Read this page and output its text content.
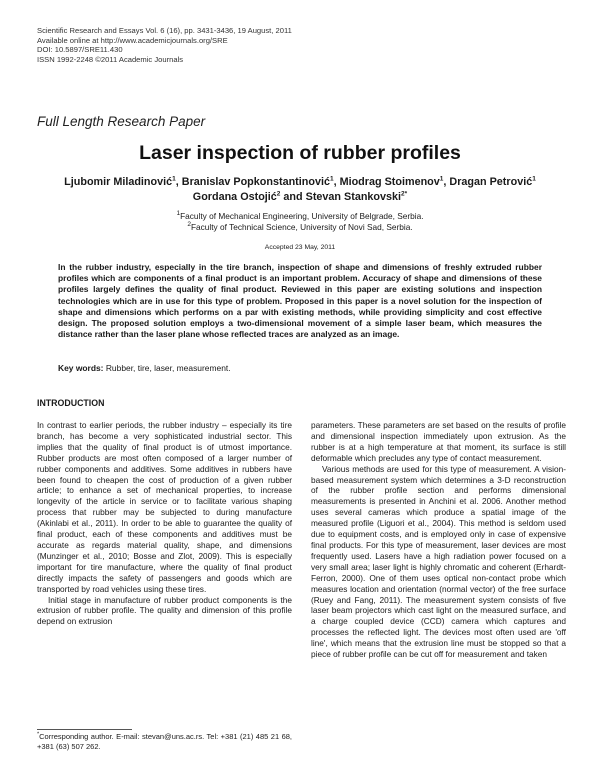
Scientific Research and Essays Vol. 6 (16), pp. 3431-3436, 19 August, 2011
Available online at http://www.academicjournals.org/SRE
DOI: 10.5897/SRE11.430
ISSN 1992-2248 ©2011 Academic Journals
Full Length Research Paper
Laser inspection of rubber profiles
Ljubomir Miladinović$^1$, Branislav Popkonstantinović$^1$, Miodrag Stoimenov$^1$, Dragan Petrović$^1$
Gordana Ostojić$^2$ and Stevan Stankovski$^{2*}$
$^1$Faculty of Mechanical Engineering, University of Belgrade, Serbia.
$^2$Faculty of Technical Science, University of Novi Sad, Serbia.
Accepted 23 May, 2011
In the rubber industry, especially in the tire branch, inspection of shape and dimensions of freshly extruded rubber profiles which are components of a final product is an important problem. Accuracy of shape and dimensions of these profiles largely defines the quality of final product. Reviewed in this paper are existing solutions and inspection technologies which are in use for this type of problem. Proposed in this paper is a novel solution for the inspection of shape and dimensions which performs on a par with existing methods, while providing simplicity and cost effective design. The proposed solution employs a two-dimensional movement of a simple laser beam, which measures the distance rather than the laser plane whose reflected traces are analyzed as an image.
Key words: Rubber, tire, laser, measurement.
INTRODUCTION

In contrast to earlier periods, the rubber industry – especially its tire branch, has become a very sophisticated industrial sector. This implies that the quality of final product is of utmost importance. Rubber products are most often composed of a larger number of rubber components and additives. Some additives in rubbers have been found to cheapen the cost of production of a given rubber article; to enhance a set of mechanical properties, to increase longevity of the article in service or to facilitate various shaping process that rubber may be subjected to during manufacture (Akinlabi et al., 2011). In order to be able to guarantee the quality of final product, each of these components and additives must be accurate as regards material quality, shape, and dimensions (Munzinger et al., 2010; Bosse and Zlot, 2009). This is especially important for tire manufacture, where the quality of final product directly impacts the safety of passengers and goods which are transported by road vehicles using these tires.

Initial stage in manufacture of rubber product components is the extrusion of rubber profile. The quality and dimension of this profile depend on extrusion

parameters. These parameters are set based on the results of profile and dimensional inspection immediately upon extrusion. As the rubber is at a high temperature at that moment, its surface is still deformable which precludes any type of contact measurement.

Various methods are used for this type of measurement. A vision-based measurement system which determines a 3-D reconstruction of the rubber profile section and performs dimensional measurements is presented in Anchini et al. 2006. Another method uses several cameras which produce a spatial image of the measured profile (Liguori et al., 2004). This method is seldom used due to equipment costs, and is employed only in case of expensive final products. For this type of measurement, laser devices are most frequently used. Lasers have a high radiation power focused on a very small area; laser light is highly chromatic and coherent (Erhardt-Ferron, 2000). One of them uses optical non-contact probe which measures location and orientation (normal vector) of the free surface (Ruey and Fang, 2011). The measurement system consists of five laser beam projectors which cast light on the measured surface, and a charge coupled device (CCD) camera which captures and processes the reflected light. The devices most often used are 'off line', which means that the extrusion line must be stopped so that a piece of rubber profile can be cut off for measurement and taken

*Corresponding author. E-mail: stevan@uns.ac.rs. Tel: +381 (21) 485 21 68, +381 (63) 507 262.
